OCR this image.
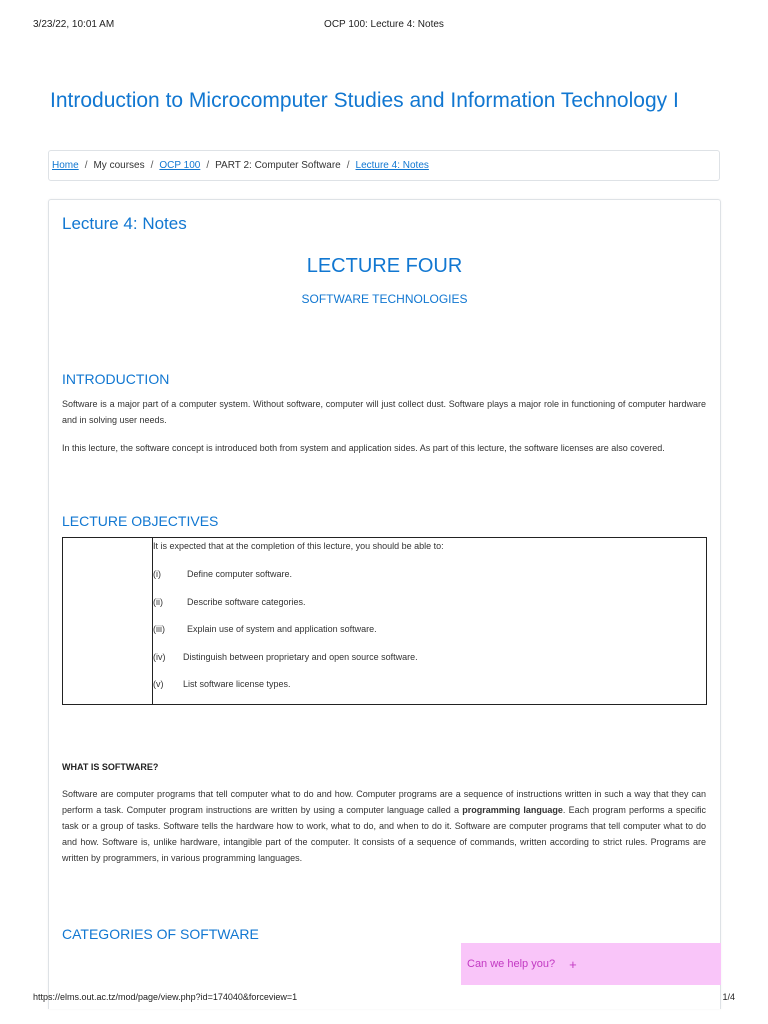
3/23/22, 10:01 AM	OCP 100: Lecture 4: Notes
Introduction to Microcomputer Studies and Information Technology I
Home / My courses / OCP 100 / PART 2: Computer Software / Lecture 4: Notes
Lecture 4: Notes
LECTURE FOUR
SOFTWARE TECHNOLOGIES
INTRODUCTION

Software is a major part of a computer system. Without software, computer will just collect dust. Software plays a major role in functioning of computer hardware and in solving user needs.

In this lecture, the software concept is introduced both from system and application sides. As part of this lecture, the software licenses are also covered.

LECTURE OBJECTIVES
It is expected that at the completion of this lecture, you should be able to:
(i)	Define computer software.
(ii)	Describe software categories.
(iii) Explain use of system and application software.
(iv) Distinguish between proprietary and open source software.
(v) List software license types.
WHAT IS SOFTWARE?

Software are computer programs that tell computer what to do and how. Computer programs are a sequence of instructions written in such a way that they can perform a task. Computer program instructions are written by using a computer language called a programming language. Each program performs a specific task or a group of tasks. Software tells the hardware how to work, what to do, and when to do it. Software are computer programs that tell computer what to do and how. Software is, unlike hardware, intangible part of the computer. It consists of a sequence of commands, written according to strict rules. Programs are written by programmers, in various programming languages.

CATEGORIES OF SOFTWARE
Can we help you? +
https://elms.out.ac.tz/mod/page/view.php?id=174040&forceview=1	1/4
